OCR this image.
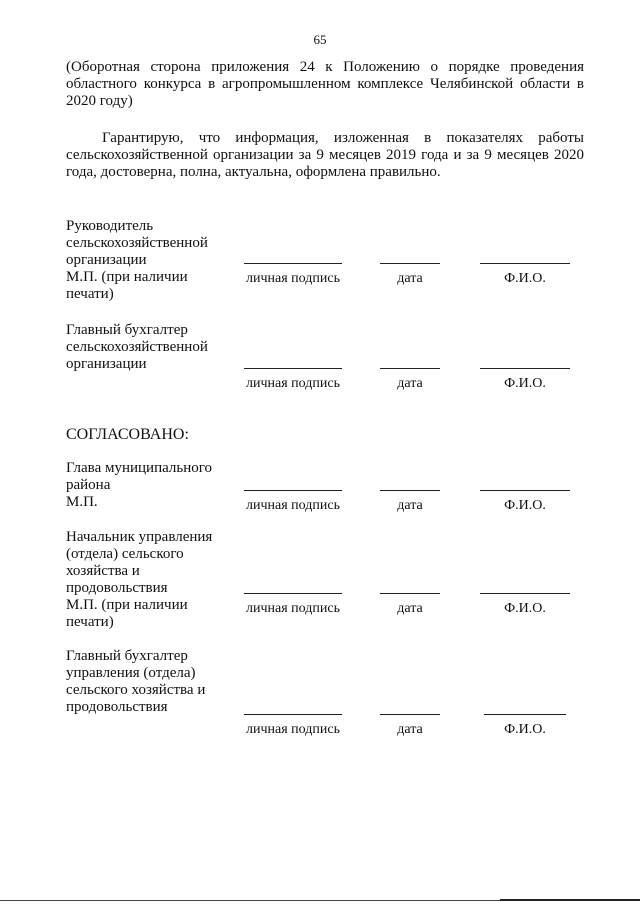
65
(Оборотная сторона приложения 24 к Положению о порядке проведения областного конкурса в агропромышленном комплексе Челябинской области в 2020 году)
Гарантирую, что информация, изложенная в показателях работы сельскохозяйственной организации за 9 месяцев 2019 года и за 9 месяцев 2020 года, достоверна, полна, актуальна, оформлена правильно.
Руководитель
сельскохозяйственной
организации
М.П. (при наличии
печати)
личная подпись	дата	Ф.И.О.
Главный бухгалтер
сельскохозяйственной
организации
личная подпись	дата	Ф.И.О.
СОГЛАСОВАНО:
Глава муниципального
района
М.П.	личная подпись	дата	Ф.И.О.
Начальник управления
(отдела) сельского
хозяйства и
продовольствия
М.П. (при наличии
печати)
личная подпись	дата	Ф.И.О.
Главный бухгалтер
управления (отдела)
сельского хозяйства и
продовольствия
личная подпись	дата	Ф.И.О.
